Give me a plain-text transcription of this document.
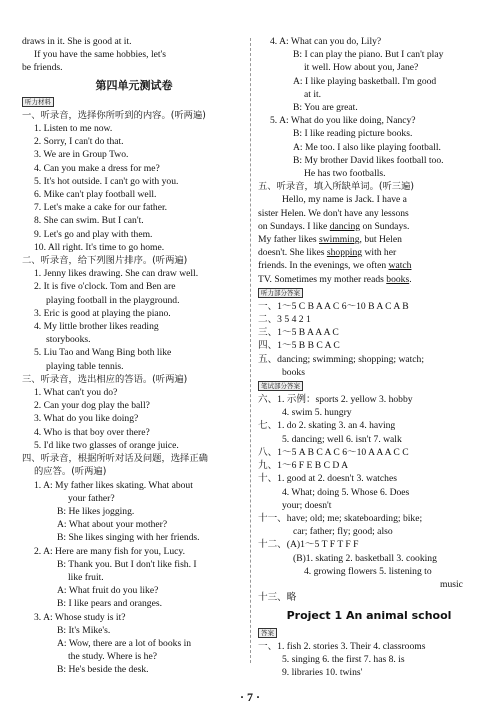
draws in it. She is good at it.
If you have the same hobbies, let's
be friends.
第四单元测试卷
听力材料
一、听录音，选择你所听到的内容。(听两遍)
1. Listen to me now.
2. Sorry, I can't do that.
3. We are in Group Two.
4. Can you make a dress for me?
5. It's hot outside. I can't go with you.
6. Mike can't play football well.
7. Let's make a cake for our father.
8. She can swim. But I can't.
9. Let's go and play with them.
10. All right. It's time to go home.
二、听录音，给下列图片排序。(听两遍)
1. Jenny likes drawing. She can draw well.
2. It is five o'clock. Tom and Ben are
playing football in the playground.
3. Eric is good at playing the piano.
4. My little brother likes reading
storybooks.
5. Liu Tao and Wang Bing both like
playing table tennis.
三、听录音，选出相应的答语。(听两遍)
1. What can't you do?
2. Can your dog play the ball?
3. What do you like doing?
4. Who is that boy over there?
5. I'd like two glasses of orange juice.
四、听录音，根据所听对话及问题，选择正确
的应答。(听两遍)
1. A: My father likes skating. What about
your father?
B: He likes jogging.
A: What about your mother?
B: She likes singing with her friends.
2. A: Here are many fish for you, Lucy.
B: Thank you. But I don't like fish. I
like fruit.
A: What fruit do you like?
B: I like pears and oranges.
3. A: Whose study is it?
B: It's Mike's.
A: Wow, there are a lot of books in
the study. Where is he?
B: He's beside the desk.
4. A: What can you do, Lily?
B: I can play the piano. But I can't play
it well. How about you, Jane?
A: I like playing basketball. I'm good
at it.
B: You are great.
5. A: What do you like doing, Nancy?
B: I like reading picture books.
A: Me too. I also like playing football.
B: My brother David likes football too.
He has two footballs.
五、听录音，填入所缺单词。(听三遍)
Hello, my name is Jack. I have a
sister Helen. We don't have any lessons
on Sundays. I like dancing on Sundays.
My father likes swimming, but Helen
doesn't. She likes shopping with her
friends. In the evenings, we often watch
TV. Sometimes my mother reads books.
听力部分答案
一、1～5 C B A A C 6～10 B A C A B
二、3 5 4 2 1
三、1～5 B A A A C
四、1～5 B B C A C
五、dancing; swimming; shopping; watch;
books
笔试部分答案
六、1. 示例：sports 2. yellow 3. hobby
4. swim 5. hungry
七、1. do 2. skating 3. an 4. having
5. dancing; well 6. isn't 7. walk
八、1～5 A B C A C 6～10 A A A C C
九、1～6 F E B C D A
十、1. good at 2. doesn't 3. watches
4. What; doing 5. Whose 6. Does
your; doesn't
十一、have; old; me; skateboarding; bike;
car; father; fly; good; also
十二、(A)1～5 T F T F F
(B)1. skating 2. basketball 3. cooking
4. growing flowers 5. listening to
music
十三、略
Project 1 An animal school
答案
一、1. fish 2. stories 3. Their 4. classrooms
5. singing 6. the first 7. has 8. is
9. libraries 10. twins'
· 7 ·
